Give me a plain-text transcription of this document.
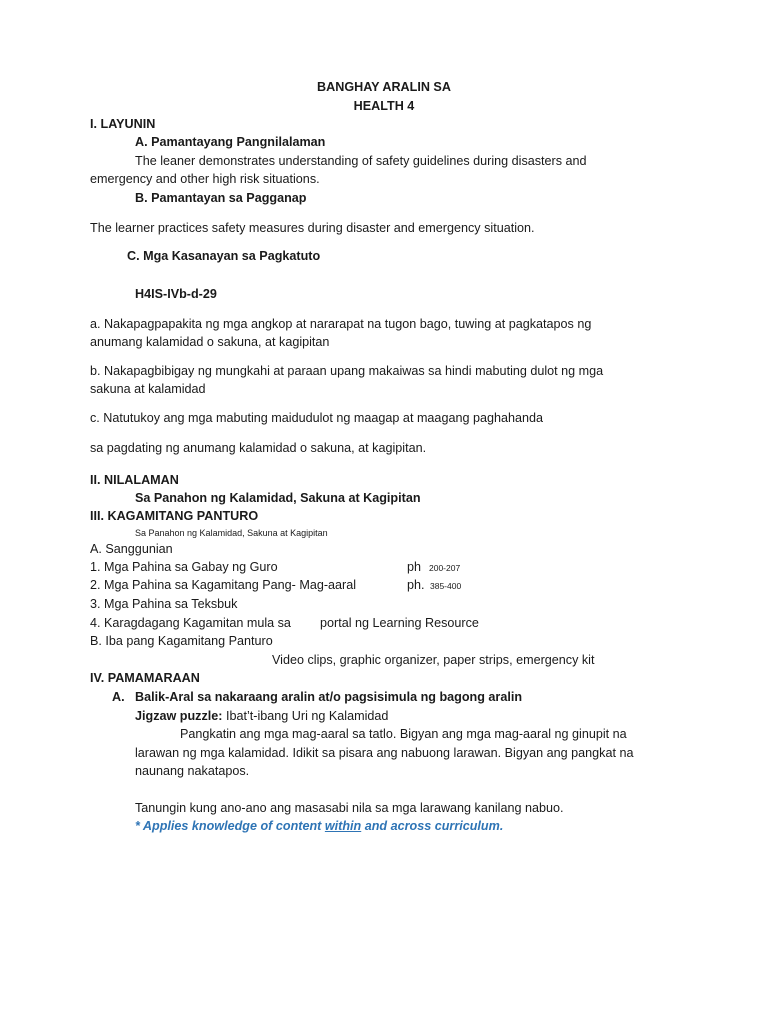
BANGHAY ARALIN SA

HEALTH 4

I. LAYUNIN

A. Pamantayang Pangnilalaman

The leaner demonstrates understanding of safety guidelines during disasters and

emergency and other high risk situations.

B. Pamantayan sa Pagganap

The learner practices safety measures during disaster and emergency situation.

C. Mga Kasanayan sa Pagkatuto

H4IS-IVb-d-29

a. Nakapagpapakita ng mga angkop at nararapat na tugon bago, tuwing at pagkatapos ng

anumang kalamidad o sakuna, at kagipitan

b. Nakapagbibigay ng mungkahi at paraan upang makaiwas sa hindi mabuting dulot ng mga

sakuna at kalamidad

c. Natutukoy ang mga mabuting maidudulot ng maagap at maagang paghahanda

sa pagdating ng anumang kalamidad o sakuna, at kagipitan.

II. NILALAMAN

Sa Panahon ng Kalamidad, Sakuna at Kagipitan

III. KAGAMITANG PANTURO

Sa Panahon ng Kalamidad, Sakuna at Kagipitan

A. Sanggunian

1. Mga Pahina sa Gabay ng Guro	ph 200-207

2. Mga Pahina sa Kagamitang Pang- Mag-aaral	ph. 385-400

3. Mga Pahina sa Teksbuk

4. Karagdagang Kagamitan mula sa portal ng Learning Resource

B. Iba pang Kagamitang Panturo

Video clips, graphic organizer, paper strips, emergency kit

IV. PAMAMARAAN

A. Balik-Aral sa nakaraang aralin at/o pagsisimula ng bagong aralin

Jigzaw puzzle: Ibat’t-ibang Uri ng Kalamidad

Pangkatin ang mga mag-aaral sa tatlo. Bigyan ang mga mag-aaral ng ginupit na

larawan ng mga kalamidad. Idikit sa pisara ang nabuong larawan. Bigyan ang pangkat na

naunang nakatapos.

Tanungin kung ano-ano ang masasabi nila sa mga larawang kanilang nabuo.

* Applies knowledge of content within and across curriculum.
